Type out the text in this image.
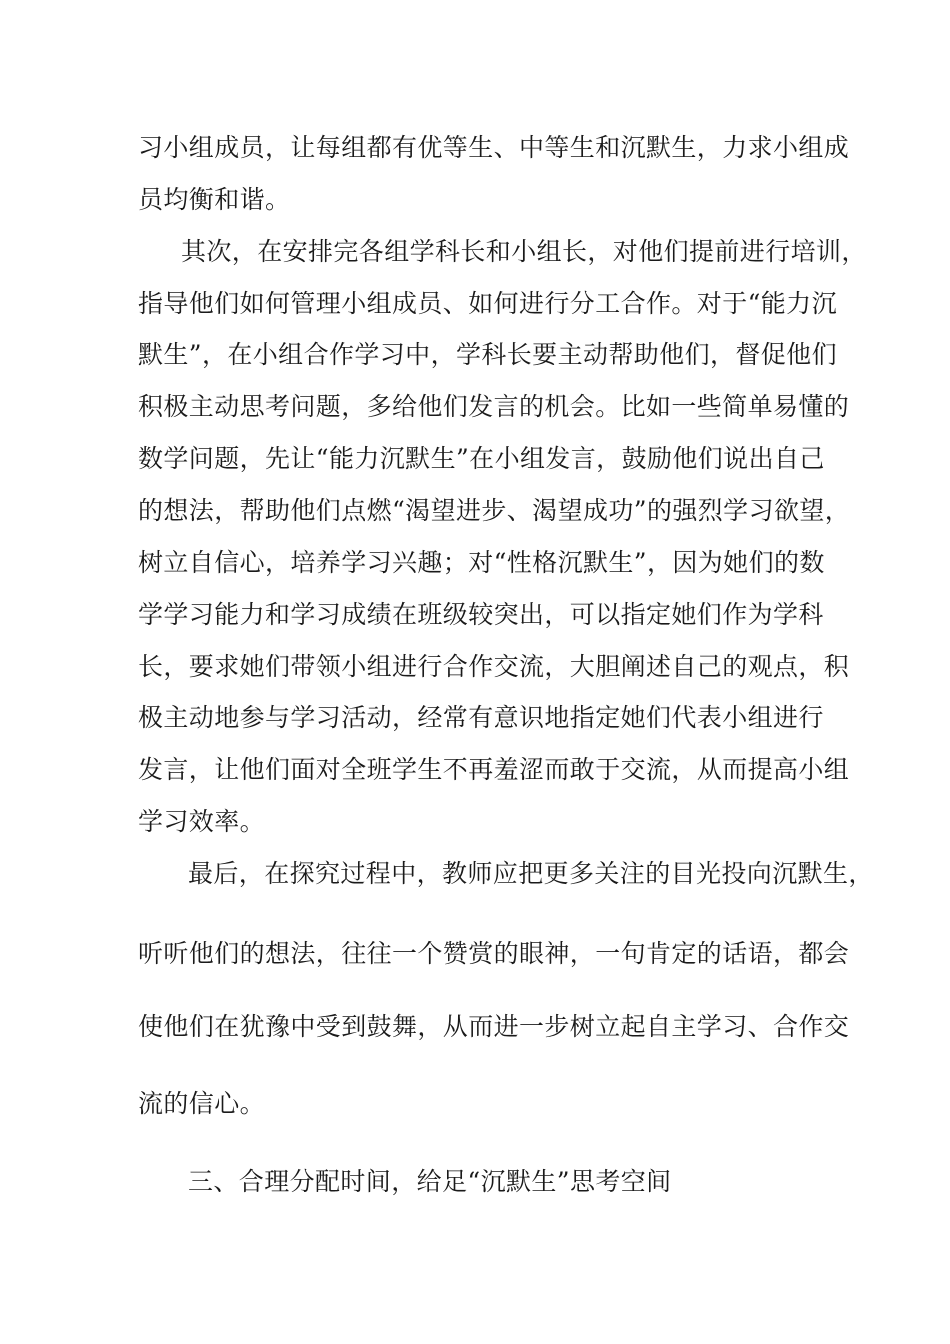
习小组成员，让每组都有优等生、中等生和沉默生，力求小组成
员均衡和谐。
其次，在安排完各组学科长和小组长，对他们提前进行培训，
指导他们如何管理小组成员、如何进行分工合作。对于“能力沉
默生”，在小组合作学习中，学科长要主动帮助他们，督促他们
积极主动思考问题，多给他们发言的机会。比如一些简单易懂的
数学问题，先让“能力沉默生”在小组发言，鼓励他们说出自己
的想法，帮助他们点燃“渴望进步、渴望成功”的强烈学习欲望，
树立自信心，培养学习兴趣；对“性格沉默生”，因为她们的数
学学习能力和学习成绩在班级较突出，可以指定她们作为学科
长，要求她们带领小组进行合作交流，大胆阐述自己的观点，积
极主动地参与学习活动，经常有意识地指定她们代表小组进行
发言，让他们面对全班学生不再羞涩而敢于交流，从而提高小组
学习效率。
最后，在探究过程中，教师应把更多关注的目光投向沉默生，
听听他们的想法，往往一个赞赏的眼神，一句肯定的话语，都会
使他们在犹豫中受到鼓舞，从而进一步树立起自主学习、合作交
流的信心。
三、合理分配时间，给足“沉默生”思考空间
